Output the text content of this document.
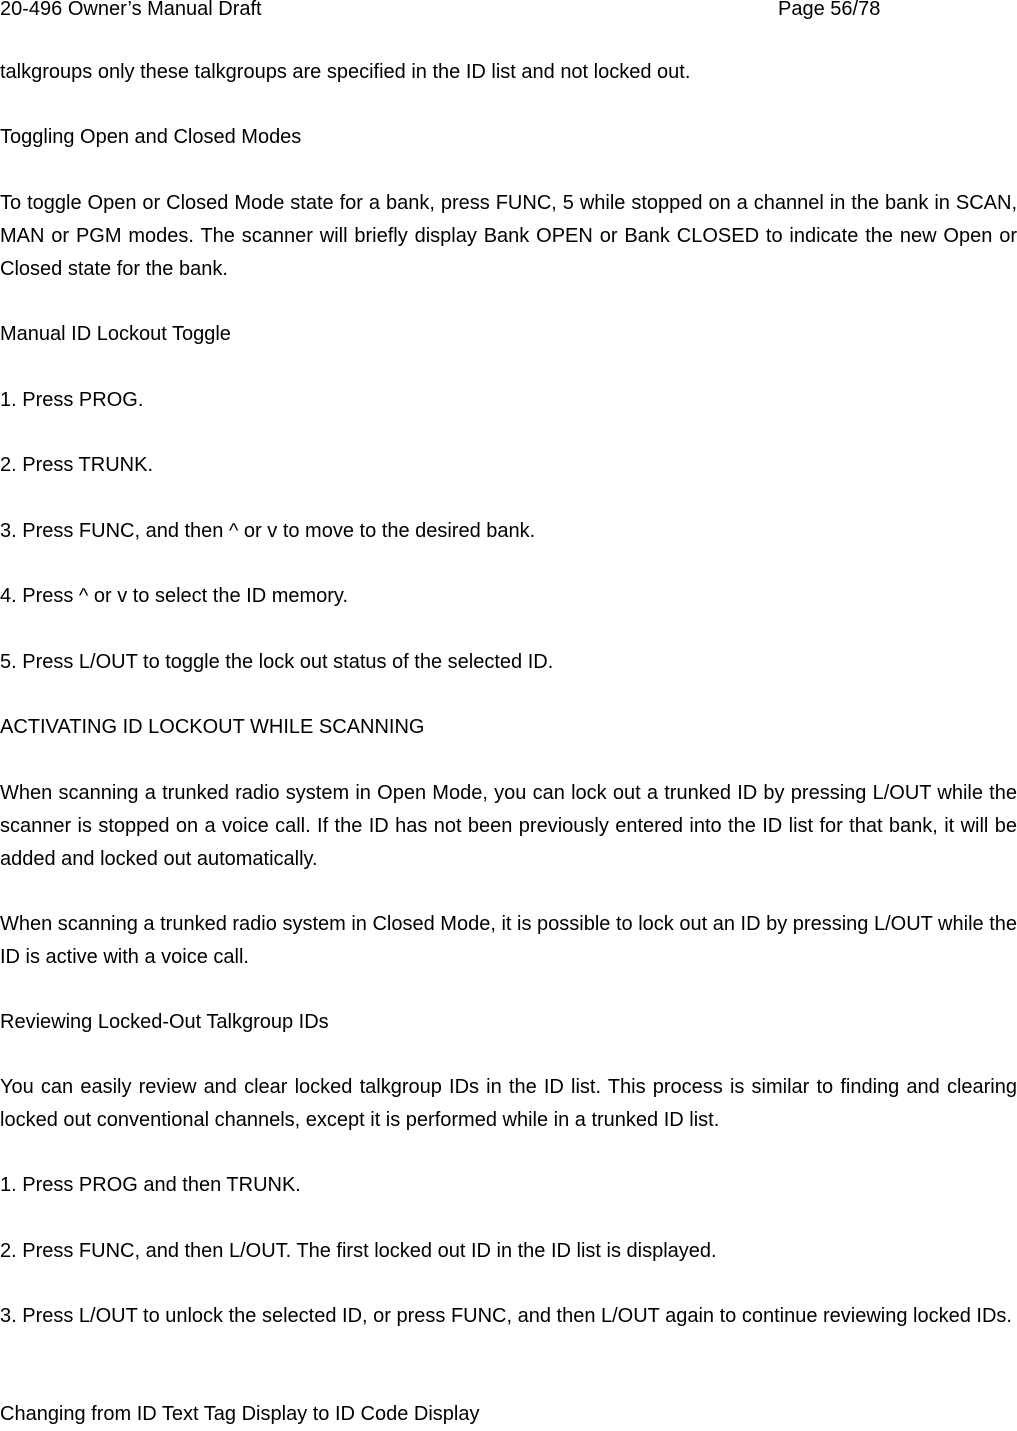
20-496 Owner’s Manual Draft	Page 56/78

talkgroups only these talkgroups are specified in the ID list and not locked out.

Toggling Open and Closed Modes

To toggle Open or Closed Mode state for a bank, press FUNC, 5 while stopped on a channel in the bank in SCAN, MAN or PGM modes. The scanner will briefly display Bank OPEN or Bank CLOSED to indicate the new Open or Closed state for the bank.

Manual ID Lockout Toggle

1. Press PROG.

2. Press TRUNK.

3. Press FUNC, and then ^ or v to move to the desired bank.

4. Press ^ or v to select the ID memory.

5. Press L/OUT to toggle the lock out status of the selected ID.

ACTIVATING ID LOCKOUT WHILE SCANNING

When scanning a trunked radio system in Open Mode, you can lock out a trunked ID by pressing L/OUT while the scanner is stopped on a voice call. If the ID has not been previously entered into the ID list for that bank, it will be added and locked out automatically.

When scanning a trunked radio system in Closed Mode, it is possible to lock out an ID by pressing L/OUT while the ID is active with a voice call.

Reviewing Locked-Out Talkgroup IDs

You can easily review and clear locked talkgroup IDs in the ID list. This process is similar to finding and clearing locked out conventional channels, except it is performed while in a trunked ID list.

1. Press PROG and then TRUNK.

2. Press FUNC, and then L/OUT. The first locked out ID in the ID list is displayed.

3. Press L/OUT to unlock the selected ID, or press FUNC, and then L/OUT again to continue reviewing locked IDs.

Changing from ID Text Tag Display to ID Code Display
